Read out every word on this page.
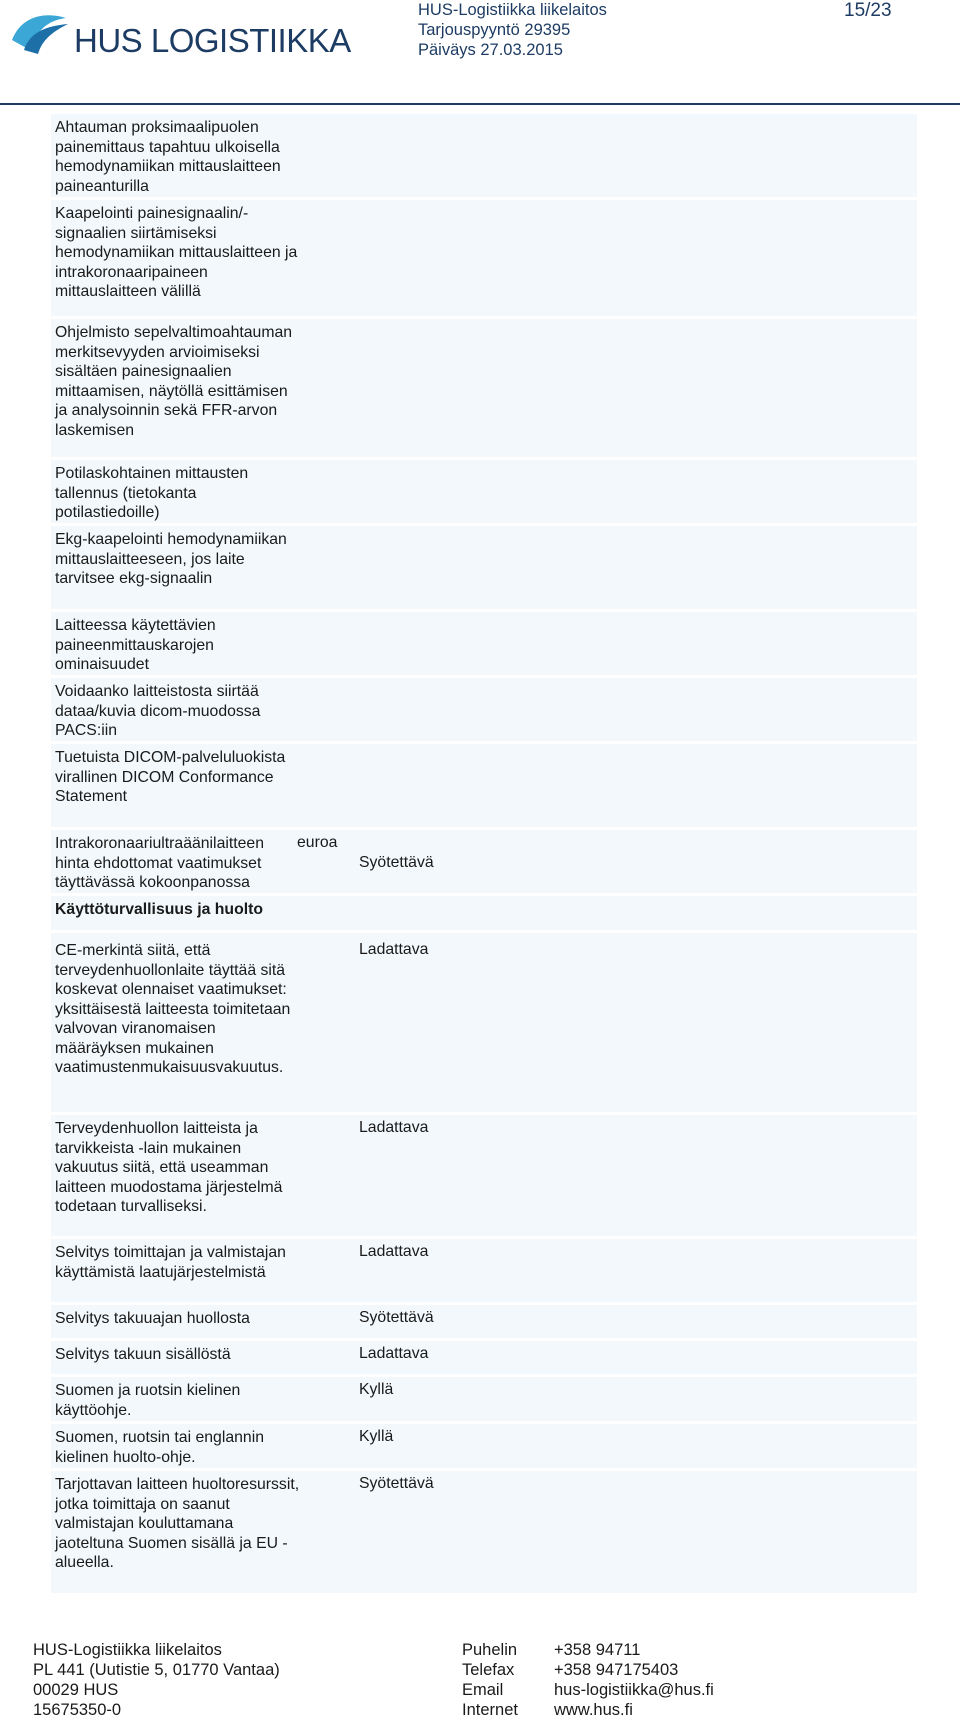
HUS LOGISTIIKKA
HUS-Logistiikka liikelaitos
Tarjouspyyntö 29395
Päiväys 27.03.2015
15/23
Ahtauman proksimaalipuolen painemittaus tapahtuu ulkoisella hemodynamiikan mittauslaitteen paineanturilla
Kaapelointi painesignaalin/-signaalien siirtämiseksi hemodynamiikan mittauslaitteen ja intrakoronaaripaineen mittauslaitteen välillä
Ohjelmisto sepelvaltimoahtauman merkitsevyyden arvioimiseksi sisältäen painesignaalien mittaamisen, näytöllä esittämisen ja analysoinnin sekä FFR-arvon laskemisen
Potilaskohtainen mittausten tallennus (tietokanta potilastiedoille)
Ekg-kaapelointi hemodynamiikan mittauslaitteeseen, jos laite tarvitsee ekg-signaalin
Laitteessa käytettävien paineenmittauskarojen ominaisuudet
Voidaanko laitteistosta siirtää dataa/kuvia dicom-muodossa PACS:iin
Tuetuista DICOM-palveluluokista virallinen DICOM Conformance Statement
Intrakoronaariultraäänilaitteen hinta ehdottomat vaatimukset täyttävässä kokoonpanossa
euroa
Syötettävä
Käyttöturvallisuus ja huolto
CE-merkintä siitä, että terveydenhuollonlaite täyttää sitä koskevat olennaiset vaatimukset: yksittäisestä laitteesta toimitetaan valvovan viranomaisen määräyksen mukainen vaatimustenmukaisuusvakuutus.
Ladattava
Terveydenhuollon laitteista ja tarvikkeista -lain mukainen vakuutus siitä, että useamman laitteen muodostama järjestelmä todetaan turvalliseksi.
Ladattava
Selvitys toimittajan ja valmistajan käyttämistä laatujärjestelmistä
Ladattava
Selvitys takuuajan huollosta	Syötettävä
Selvitys takuun sisällöstä	Ladattava
Suomen ja ruotsin kielinen käyttöohje.
Kyllä
Suomen, ruotsin tai englannin kielinen huolto-ohje.
Kyllä
Tarjottavan laitteen huoltoresurssit, jotka toimittaja on saanut valmistajan kouluttamana jaoteltuna Suomen sisällä ja EU - alueella.
Syötettävä
HUS-Logistiikka liikelaitos
PL 441 (Uutistie 5, 01770 Vantaa)
00029 HUS
15675350-0
Puhelin
Telefax
Email
Internet
+358 94711
+358 947175403
hus-logistiikka@hus.fi
www.hus.fi
